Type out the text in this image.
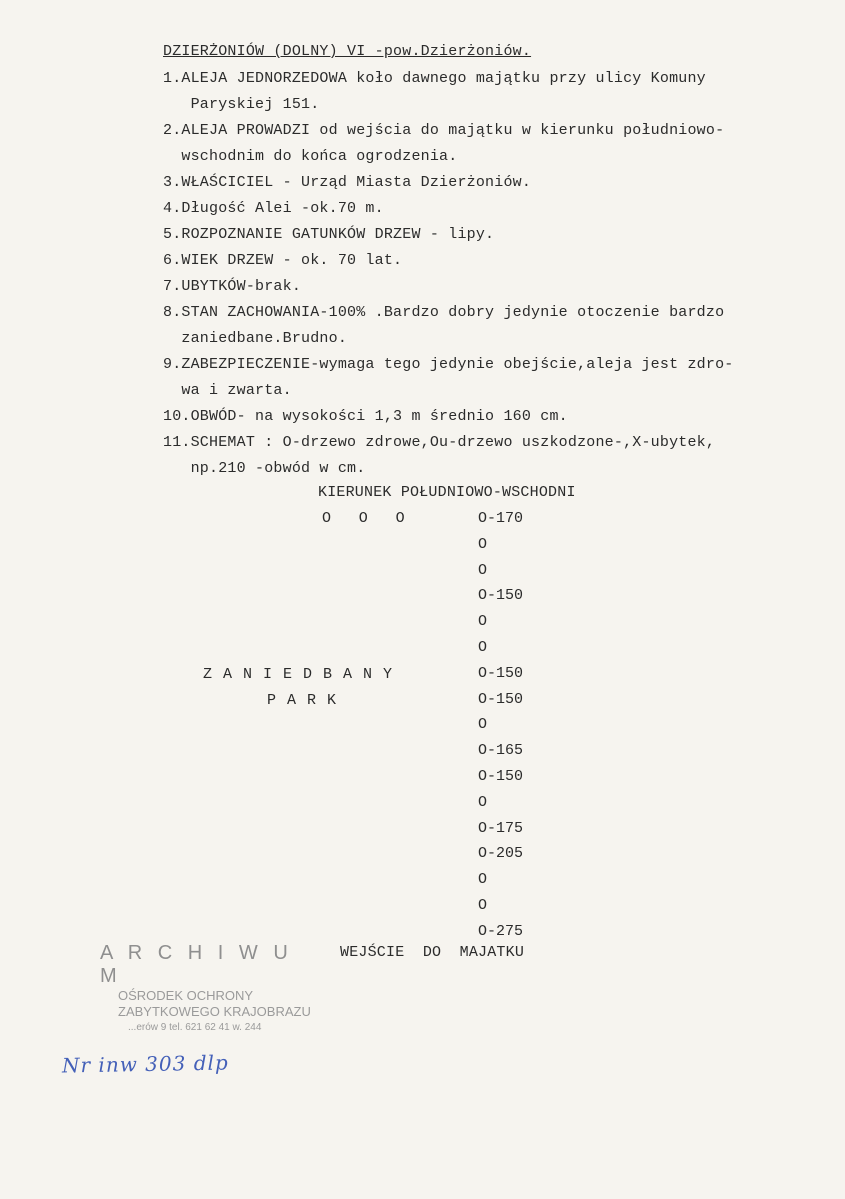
DZIERŻONIÓW (DOLNY) VI -pow.Dzierżoniów.
1.ALEJA JEDNORZEDOWA koło dawnego majątku przy ulicy Komuny
Paryskiej 151.
2.ALEJA PROWADZI od wejścia do majątku w kierunku południowo-
wschodnim do końca ogrodzenia.
3.WŁAŚCICIEL - Urząd Miasta Dzierżoniów.
4.Długość Alei -ok.70 m.
5.ROZPOZNANIE GATUNKÓW DRZEW - lipy.
6.WIEK DRZEW - ok. 70 lat.
7.UBYTKÓW-brak.
8.STAN ZACHOWANIA-100% .Bardzo dobry jedynie otoczenie bardzo
zaniedbane.Brudno.
9.ZABEZPIECZENIE-wymaga tego jedynie obejście,aleja jest zdro-
wa i zwarta.
10.OBWÓD- na wysokości 1,3 m średnio 160 cm.
11.SCHEMAT : O-drzewo zdrowe,Ou-drzewo uszkodzone-,X-ubytek,
np.210 -obwód w cm.
KIERUNEK POŁUDNIOWO-WSCHODNI
O   O   O
Z A N I E D B A N Y
P A R K
O-170
O
O
O-150
O
O
O-150
O-150
O
O-165
O-150
O
O-175
O-205
O
O
O-275
WEJŚCIE  DO  MAJATKU
A R C H I W U M
OŚRODEK OCHRONY
ZABYTKOWEGO KRAJOBRAZU
...erów 9 tel. 621 62 41 w. 244
Nr inw 303 dlp
